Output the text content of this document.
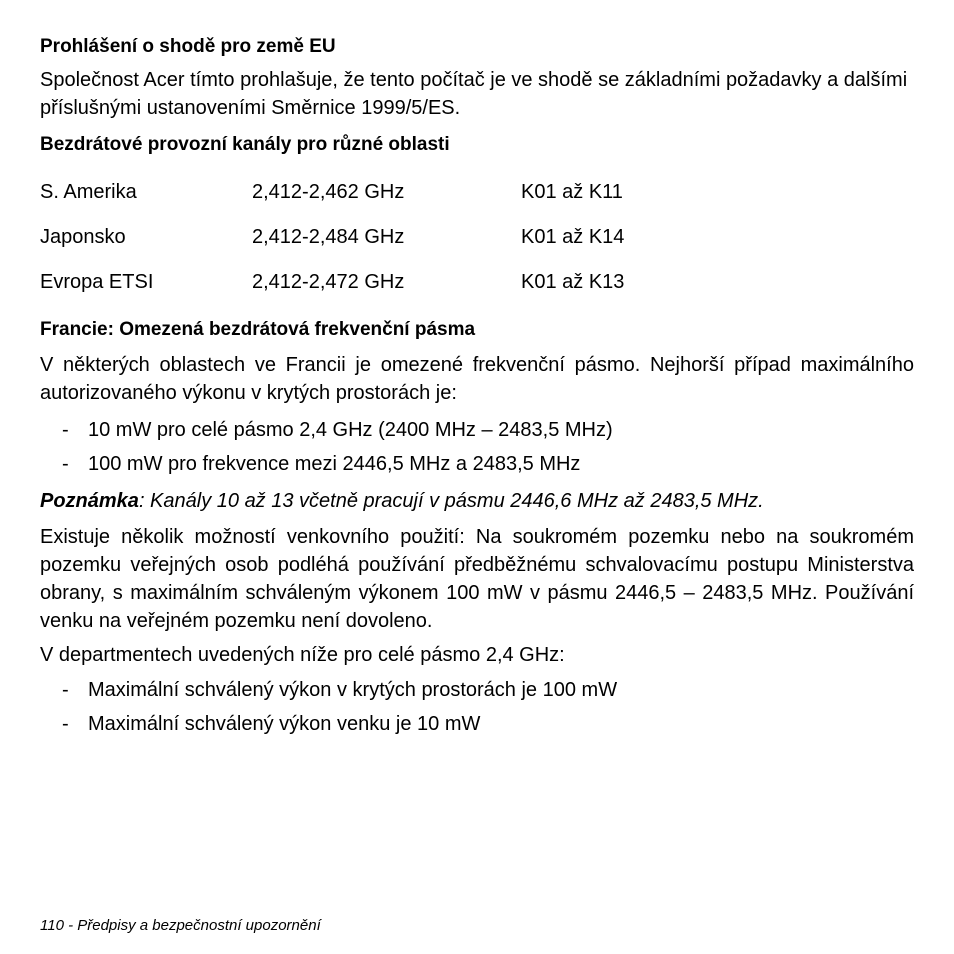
Prohlášení o shodě pro země EU

Společnost Acer tímto prohlašuje, že tento počítač je ve shodě se základními požadavky a dalšími příslušnými ustanoveními Směrnice 1999/5/ES.

Bezdrátové provozní kanály pro různé oblasti

S. Amerika	2,412-2,462 GHz	K01 až K11
Japonsko	2,412-2,484 GHz	K01 až K14
Evropa ETSI	2,412-2,472 GHz	K01 až K13

Francie: Omezená bezdrátová frekvenční pásma

V některých oblastech ve Francii je omezené frekvenční pásmo. Nejhorší případ maximálního autorizovaného výkonu v krytých prostorách je:

- 10 mW pro celé pásmo 2,4 GHz (2400 MHz – 2483,5 MHz)
- 100 mW pro frekvence mezi 2446,5 MHz a 2483,5 MHz

Poznámka: Kanály 10 až 13 včetně pracují v pásmu 2446,6 MHz až 2483,5 MHz.

Existuje několik možností venkovního použití: Na soukromém pozemku nebo na soukromém pozemku veřejných osob podléhá používání předběžnému schvalovacímu postupu Ministerstva obrany, s maximálním schváleným výkonem 100 mW v pásmu 2446,5 – 2483,5 MHz. Používání venku na veřejném pozemku není dovoleno.

V departmentech uvedených níže pro celé pásmo 2,4 GHz:

- Maximální schválený výkon v krytých prostorách je 100 mW
- Maximální schválený výkon venku je 10 mW
110 - Předpisy a bezpečnostní upozornění
